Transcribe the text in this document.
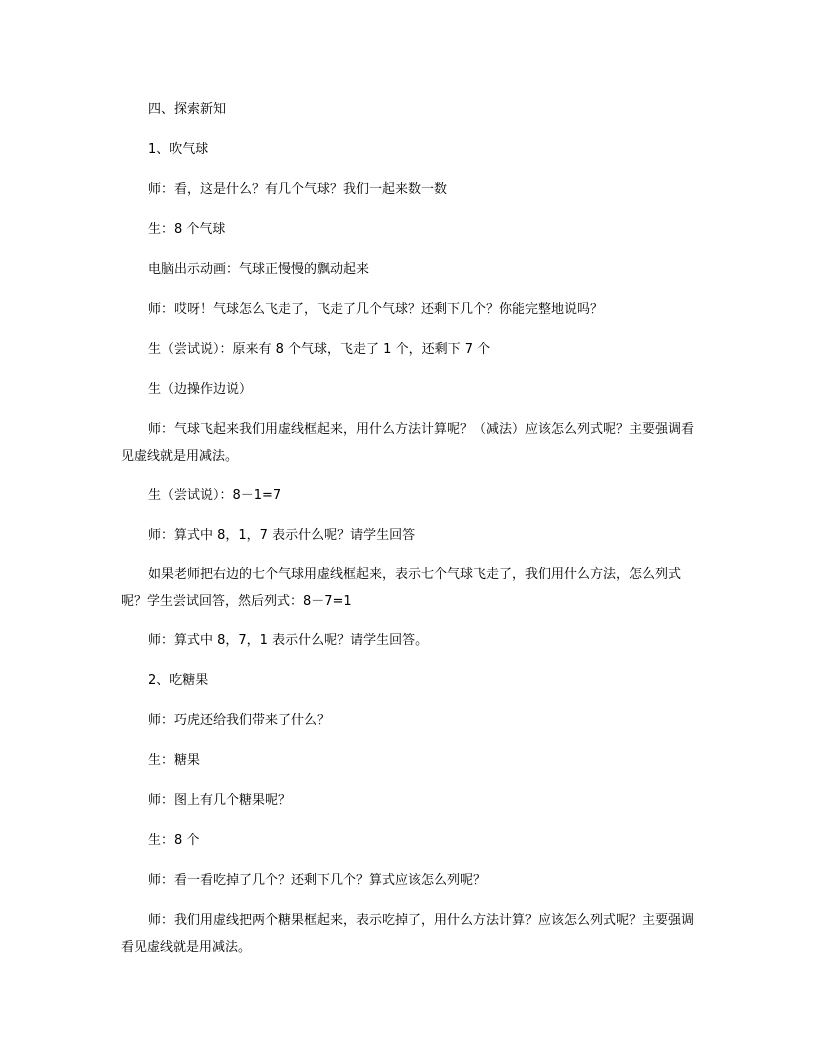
四、探索新知

1、吹气球

师：看，这是什么？有几个气球？我们一起来数一数

生：8 个气球

电脑出示动画：气球正慢慢的飘动起来

师：哎呀！气球怎么飞走了，飞走了几个气球？还剩下几个？你能完整地说吗？

生（尝试说）：原来有 8 个气球，飞走了 1 个，还剩下 7 个

生（边操作边说）

师：气球飞起来我们用虚线框起来，用什么方法计算呢？（减法）应该怎么列式呢？主要强调看见虚线就是用减法。

生（尝试说）：8－1=7

师：算式中 8，1，7 表示什么呢？请学生回答

如果老师把右边的七个气球用虚线框起来，表示七个气球飞走了，我们用什么方法，怎么列式呢？学生尝试回答，然后列式：8－7=1

师：算式中 8，7，1 表示什么呢？请学生回答。

2、吃糖果

师：巧虎还给我们带来了什么？

生：糖果

师：图上有几个糖果呢？

生：8 个

师：看一看吃掉了几个？还剩下几个？算式应该怎么列呢？

师：我们用虚线把两个糖果框起来，表示吃掉了，用什么方法计算？应该怎么列式呢？主要强调看见虚线就是用减法。
